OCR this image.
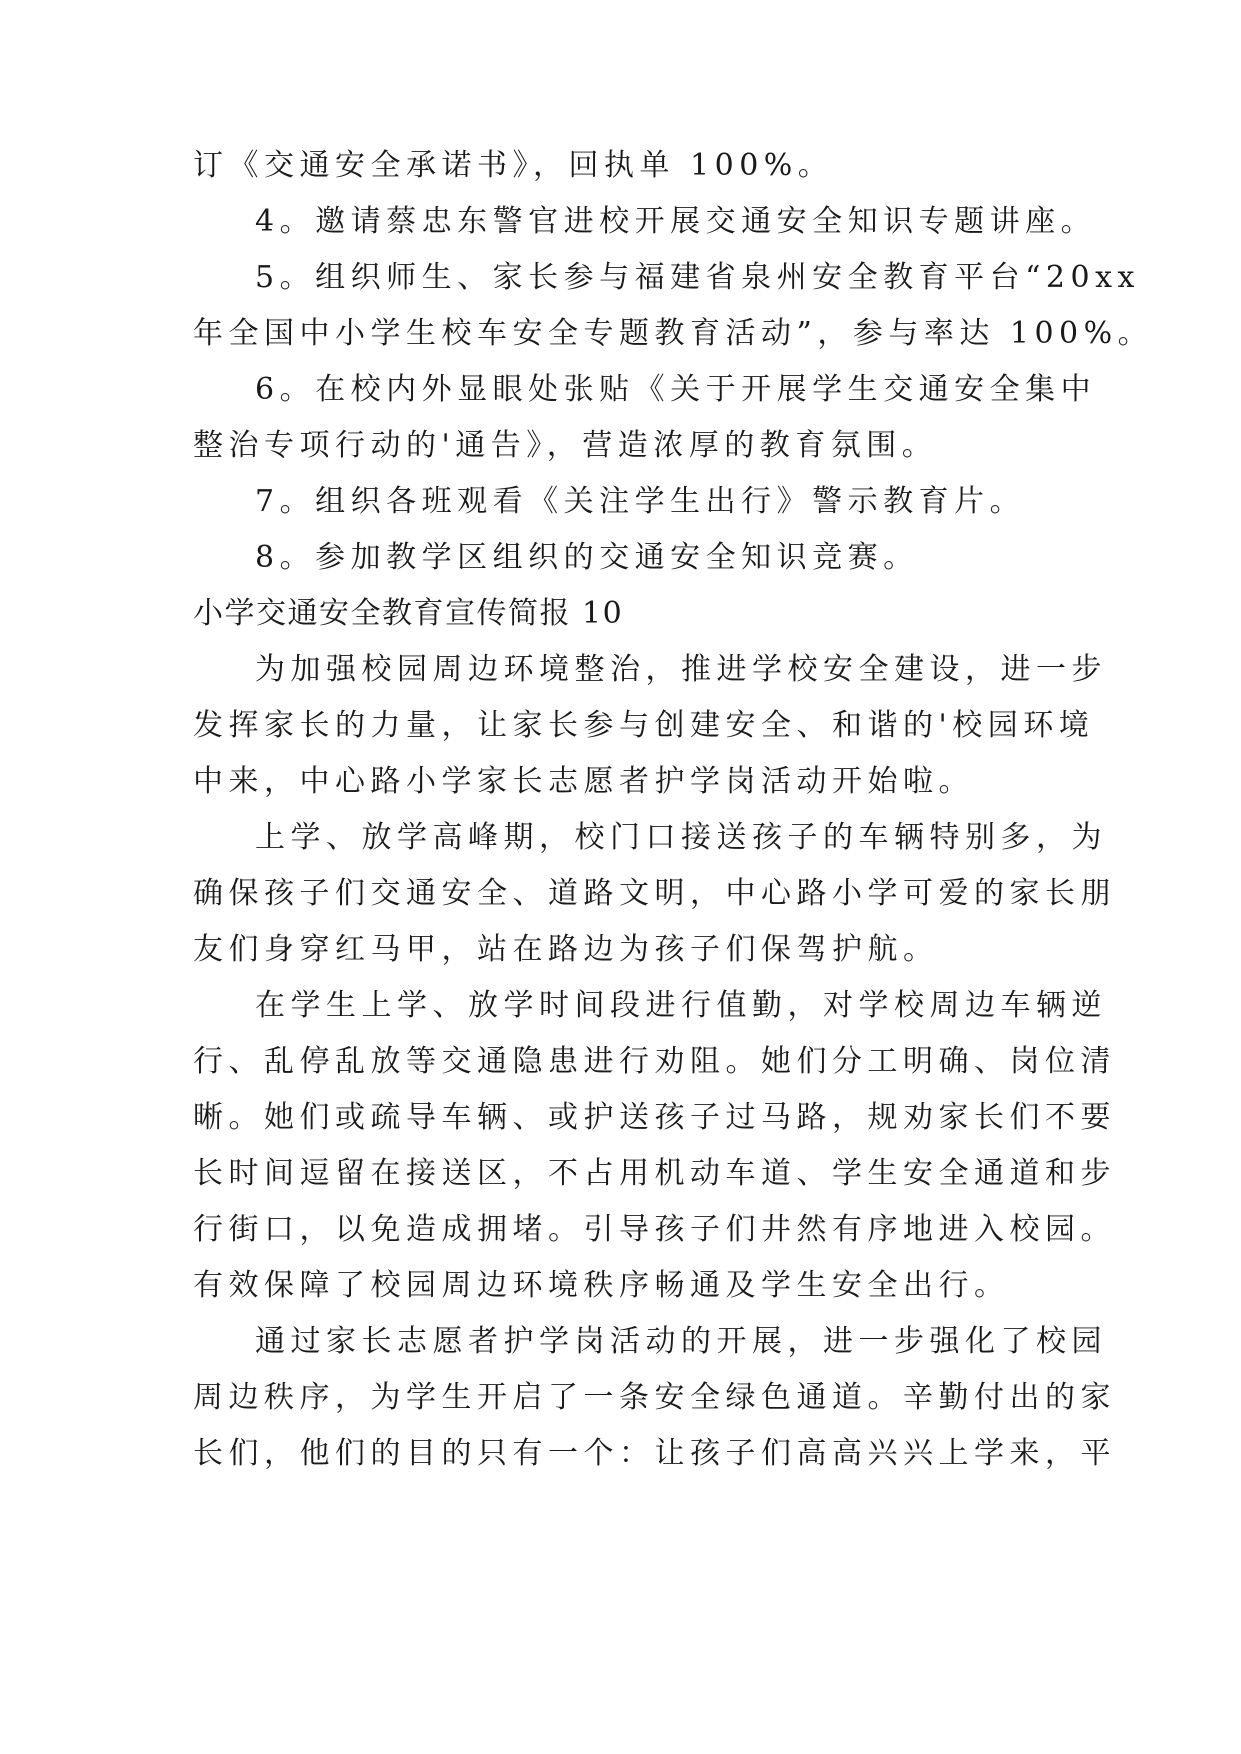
订《交通安全承诺书》，回执单 100%。
4。邀请蔡忠东警官进校开展交通安全知识专题讲座。
5。组织师生、家长参与福建省泉州安全教育平台“20xx
年全国中小学生校车安全专题教育活动”，参与率达 100%。
6。在校内外显眼处张贴《关于开展学生交通安全集中
整治专项行动的'通告》，营造浓厚的教育氛围。
7。组织各班观看《关注学生出行》警示教育片。
8。参加教学区组织的交通安全知识竞赛。
小学交通安全教育宣传简报 10
为加强校园周边环境整治，推进学校安全建设，进一步
发挥家长的力量，让家长参与创建安全、和谐的'校园环境
中来，中心路小学家长志愿者护学岗活动开始啦。
上学、放学高峰期，校门口接送孩子的车辆特别多，为
确保孩子们交通安全、道路文明，中心路小学可爱的家长朋
友们身穿红马甲，站在路边为孩子们保驾护航。
在学生上学、放学时间段进行值勤，对学校周边车辆逆
行、乱停乱放等交通隐患进行劝阻。她们分工明确、岗位清
晰。她们或疏导车辆、或护送孩子过马路，规劝家长们不要
长时间逗留在接送区，不占用机动车道、学生安全通道和步
行街口，以免造成拥堵。引导孩子们井然有序地进入校园。
有效保障了校园周边环境秩序畅通及学生安全出行。
通过家长志愿者护学岗活动的开展，进一步强化了校园
周边秩序，为学生开启了一条安全绿色通道。辛勤付出的家
长们，他们的目的只有一个：让孩子们高高兴兴上学来，平
